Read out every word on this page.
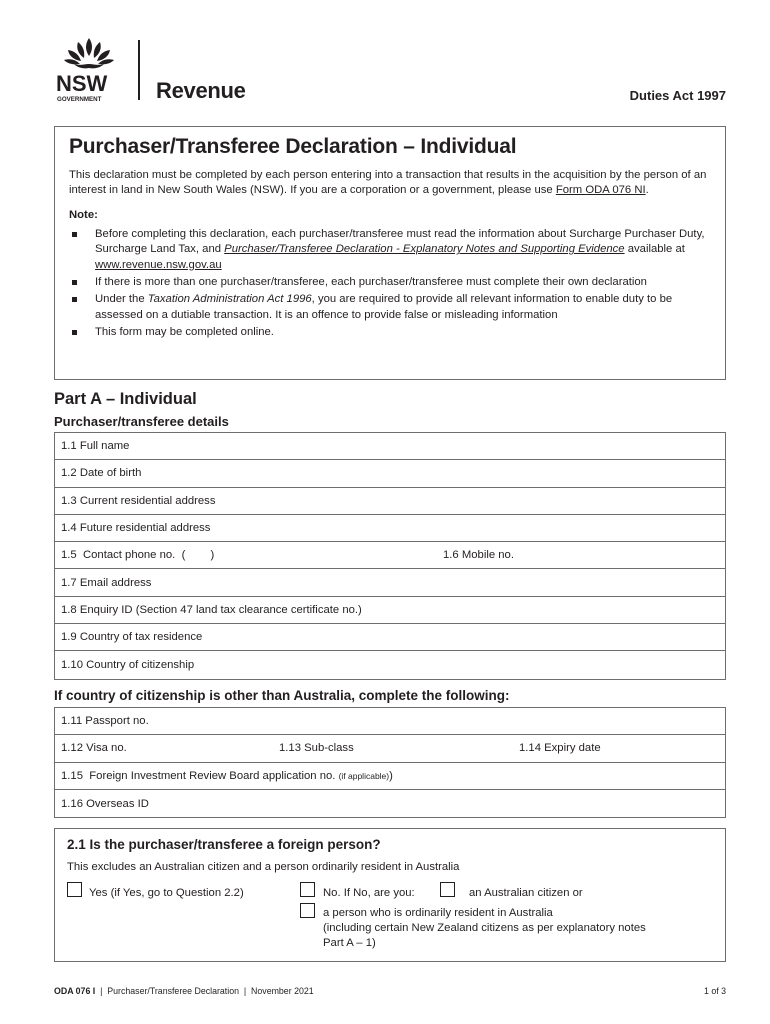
NSW
GOVERNMENT Revenue	Duties Act 1997
Purchaser/Transferee Declaration – Individual

This declaration must be completed by each person entering into a transaction that results in the acquisition by the person of an interest in land in New South Wales (NSW). If you are a corporation or a government, please use Form ODA 076 NI.

Note:
Before completing this declaration, each purchaser/transferee must read the information about Surcharge Purchaser Duty, Surcharge Land Tax, and Purchaser/Transferee Declaration - Explanatory Notes and Supporting Evidence available at www.revenue.nsw.gov.au
If there is more than one purchaser/transferee, each purchaser/transferee must complete their own declaration
Under the Taxation Administration Act 1996, you are required to provide all relevant information to enable duty to be assessed on a dutiable transaction. It is an offence to provide false or misleading information
This form may be completed online.
Part A – Individual
Purchaser/transferee details
1.1 Full name
1.2 Date of birth
1.3 Current residential address
1.4 Future residential address
1.5  Contact phone no.  (        )	1.6 Mobile no.
1.7 Email address
1.8 Enquiry ID (Section 47 land tax clearance certificate no.)
1.9 Country of tax residence
1.10 Country of citizenship
If country of citizenship is other than Australia, complete the following:
1.11 Passport no.
1.12 Visa no.	1.13 Sub-class	1.14 Expiry date
1.15  Foreign Investment Review Board application no. (if applicable) )
1.16 Overseas ID
2.1 Is the purchaser/transferee a foreign person?

This excludes an Australian citizen and a person ordinarily resident in Australia

Yes (if Yes, go to Question 2.2)	No. If No, are you:	an Australian citizen or
a person who is ordinarily resident in Australia
(including certain New Zealand citizens as per explanatory notes
Part A – 1)
ODA 076 I  |  Purchaser/Transferee Declaration  |  November 2021	1 of 3
